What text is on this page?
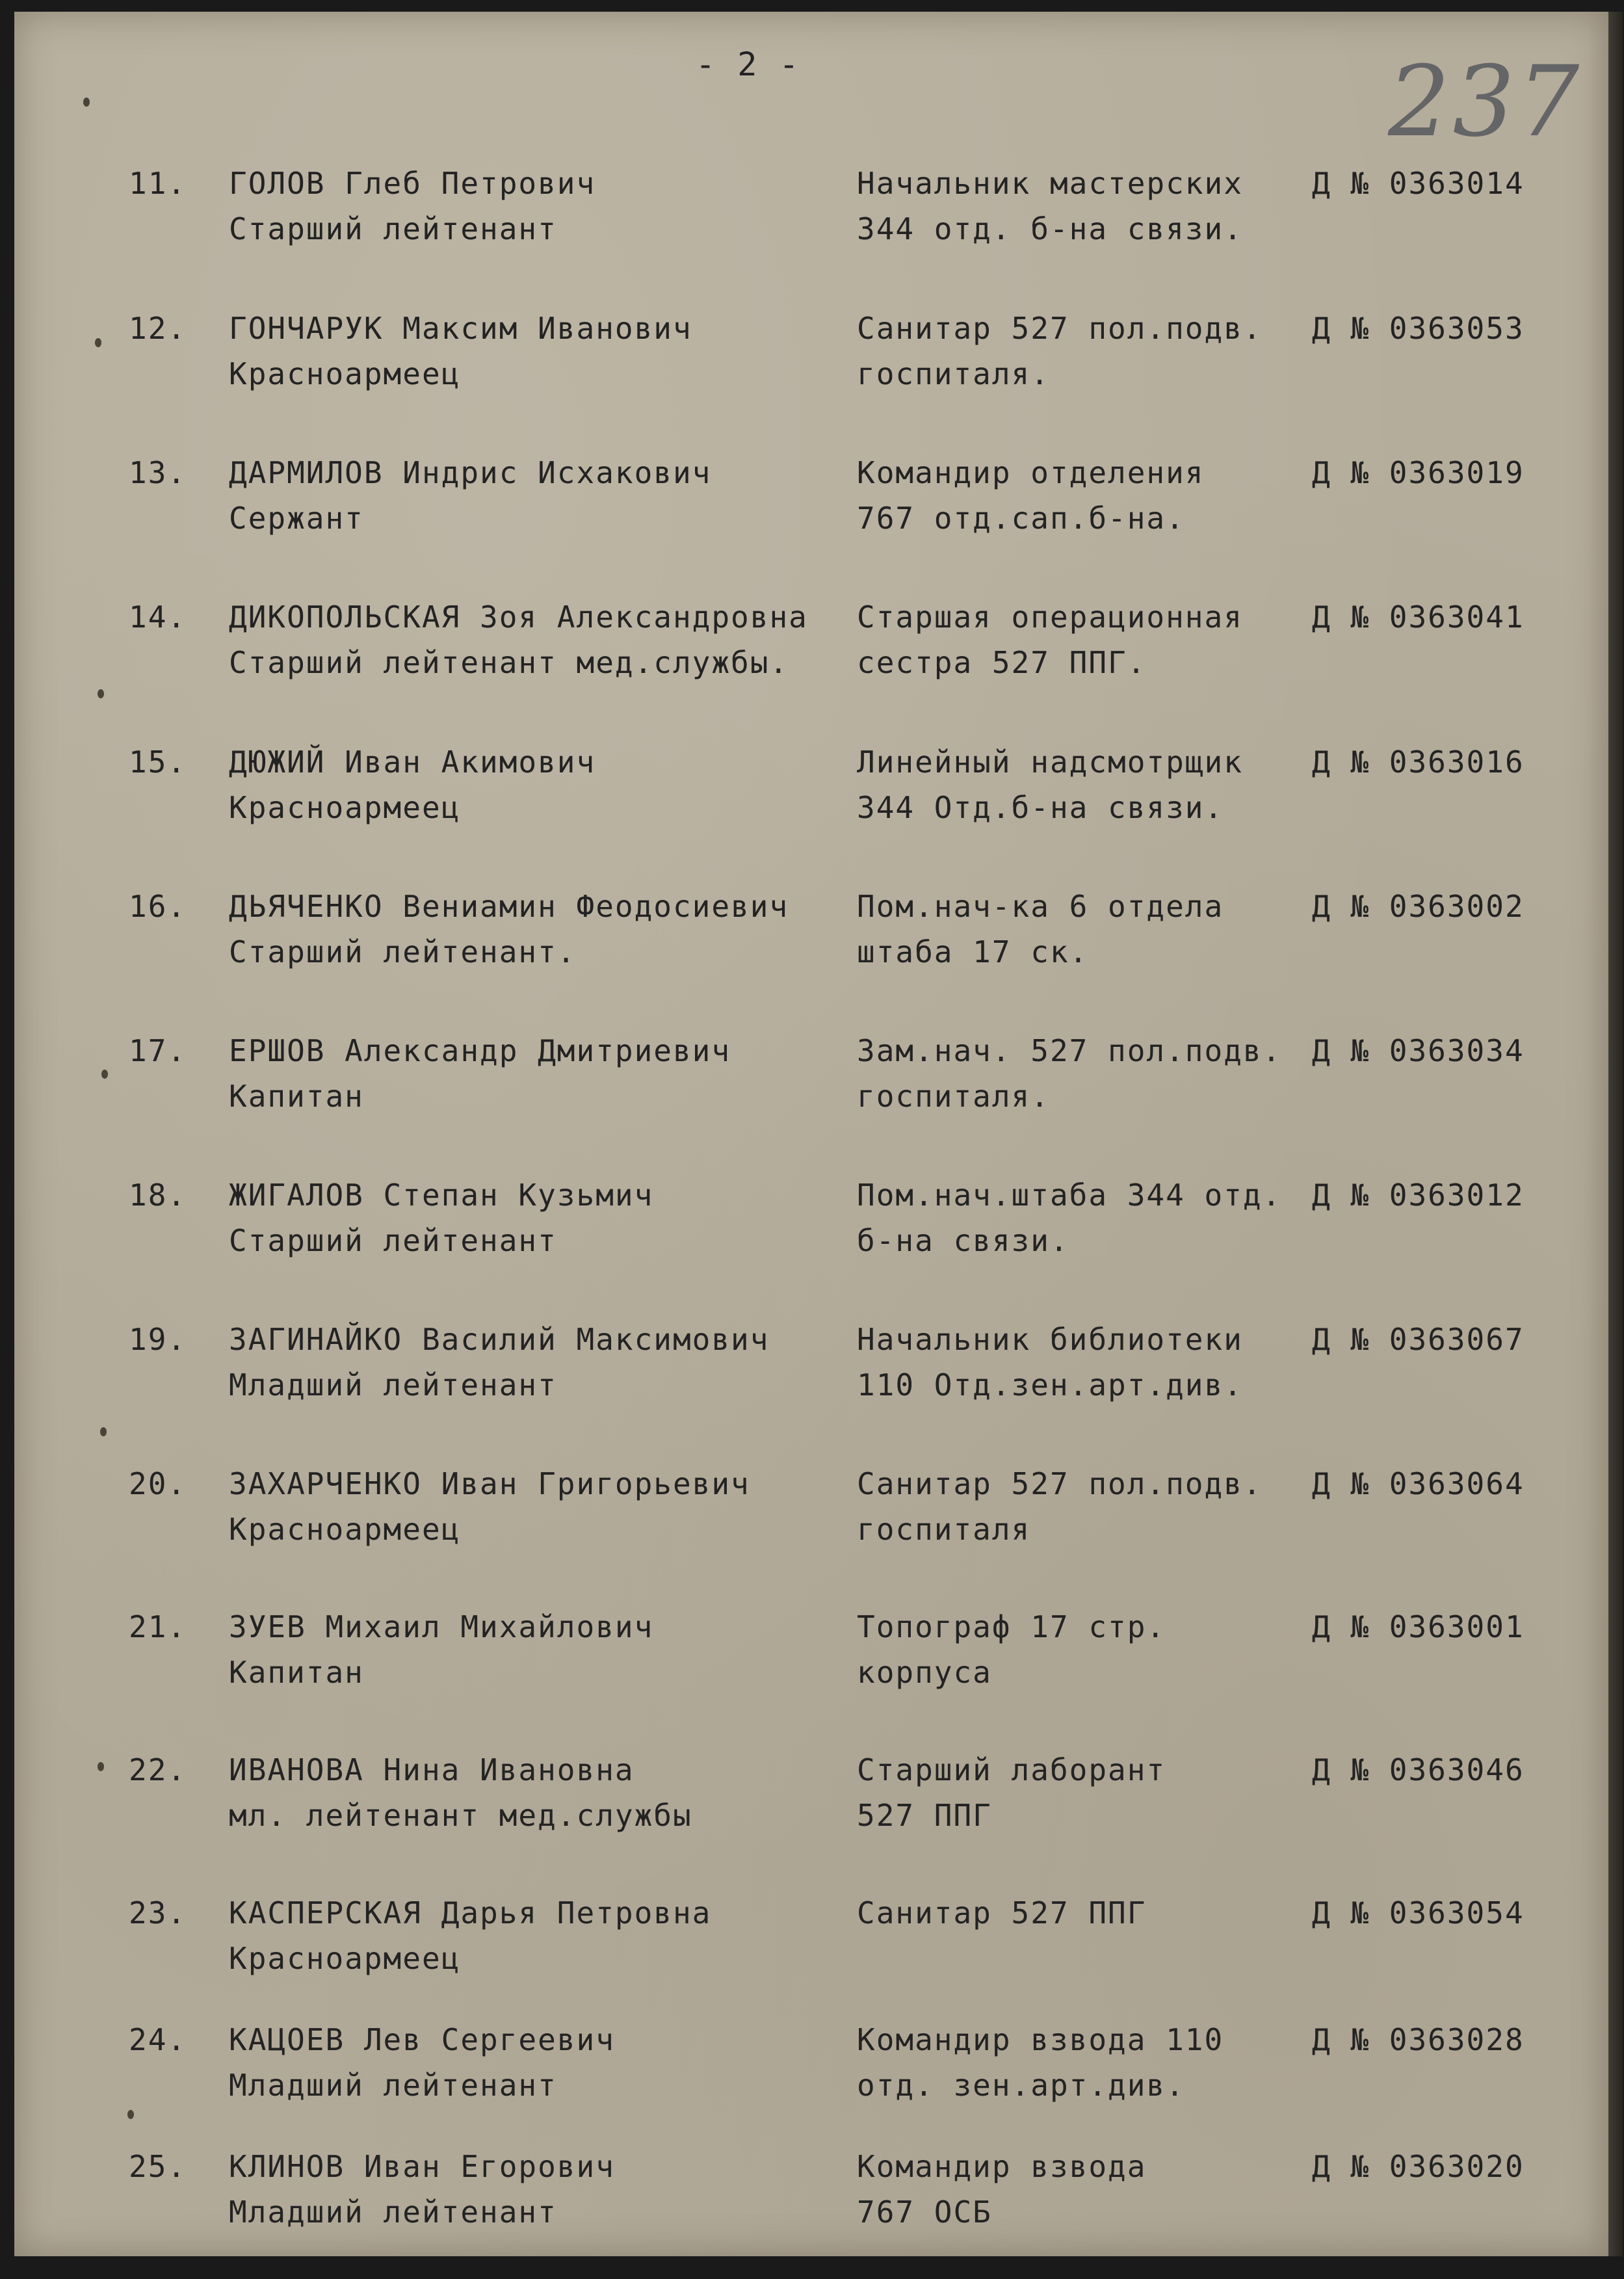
- 2 -	237
11. ГОЛОВ Глеб Петрович
Старший лейтенант
Начальник мастерских
344 отд. б-на связи.
Д № 0363014
12. ГОНЧАРУК Максим Иванович
Красноармеец
Санитар 527 пол.подв.
госпиталя.
Д № 0363053
13. ДАРМИЛОВ Индрис Исхакович
Сержант
Командир отделения
767 отд.сап.б-на.
Д № 0363019
14. ДИКОПОЛЬСКАЯ Зоя Александровна
Старший лейтенант мед.службы.
Старшая операционная
сестра 527 ППГ.
Д № 0363041
15. ДЮЖИЙ Иван Акимович
Красноармеец
Линейный надсмотрщик
344 Отд.б-на связи.
Д № 0363016
16. ДЬЯЧЕНКО Вениамин Феодосиевич
Старший лейтенант.
Пом.нач-ка 6 отдела
штаба 17 ск.
Д № 0363002
17. ЕРШОВ Александр Дмитриевич
Капитан
Зам.нач. 527 пол.подв.
госпиталя.
Д № 0363034
18. ЖИГАЛОВ Степан Кузьмич
Старший лейтенант
Пом.нач.штаба 344 отд.
б-на связи.
Д № 0363012
19. ЗАГИНАЙКО Василий Максимович
Младший лейтенант
Начальник библиотеки
110 Отд.зен.арт.див.
Д № 0363067
20. ЗАХАРЧЕНКО Иван Григорьевич
Красноармеец
Санитар 527 пол.подв.
госпиталя
Д № 0363064
21. ЗУЕВ Михаил Михайлович
Капитан
Топограф 17 стр.
корпуса
Д № 0363001
22. ИВАНОВА Нина Ивановна
мл. лейтенант мед.службы
Старший лаборант
527 ППГ
Д № 0363046
23. КАСПЕРСКАЯ Дарья Петровна
Красноармеец
Санитар 527 ППГ	Д № 0363054
24. КАЦОЕВ Лев Сергеевич
Младший лейтенант
Командир взвода 110
отд. зен.арт.див.
Д № 0363028
25. КЛИНОВ Иван Егорович
Младший лейтенант
Командир взвода
767 ОСБ
Д № 0363020
